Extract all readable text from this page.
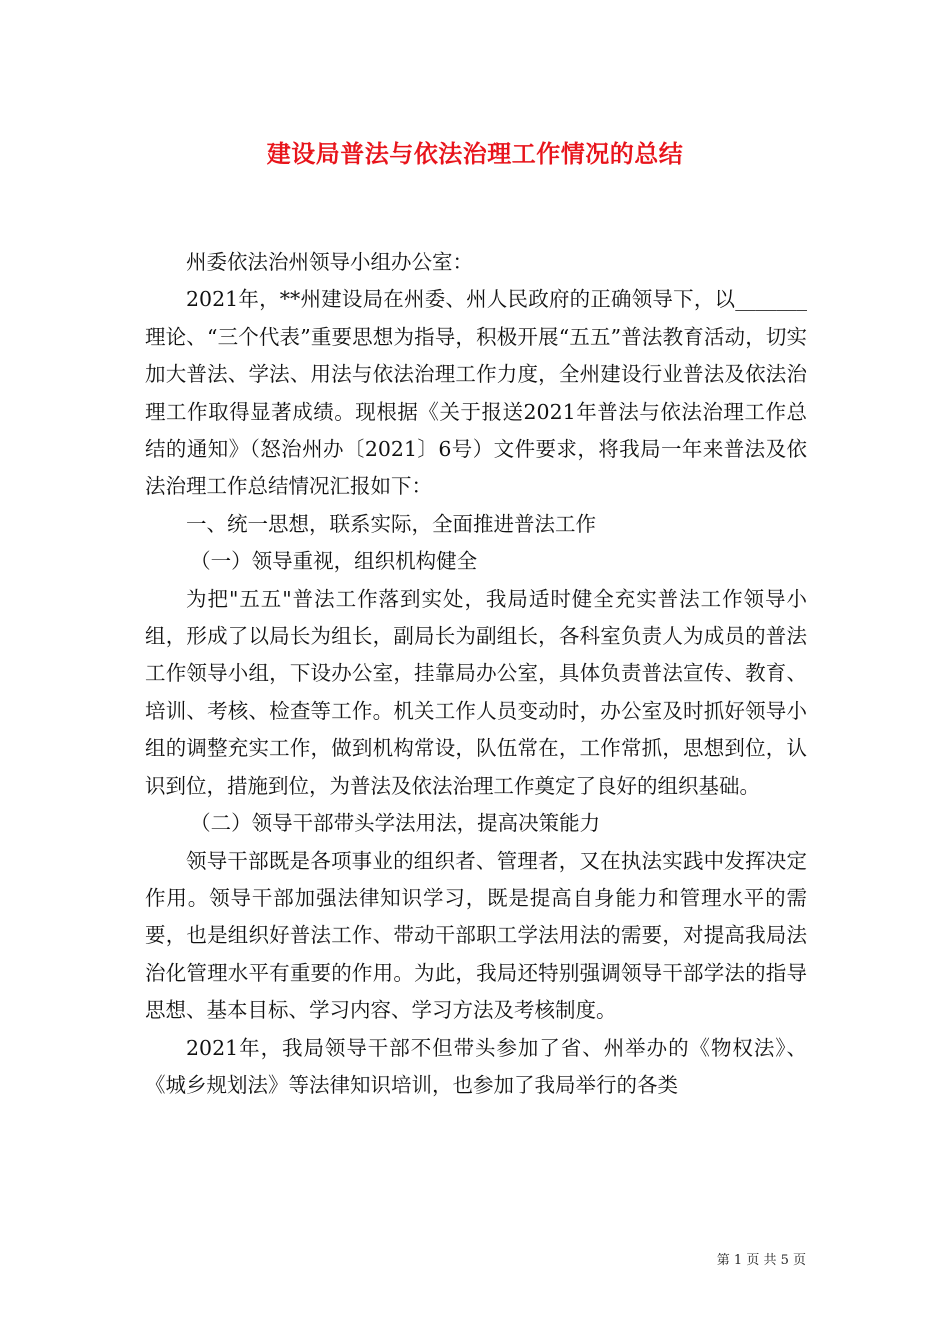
建设局普法与依法治理工作情况的总结

州委依法治州领导小组办公室：

2021年，**州建设局在州委、州人民政府的正确领导下，以_______理论、“三个代表”重要思想为指导，积极开展“五五”普法教育活动，切实加大普法、学法、用法与依法治理工作力度，全州建设行业普法及依法治理工作取得显著成绩。现根据《关于报送2021年普法与依法治理工作总结的通知》（怒治州办〔2021〕6号）文件要求，将我局一年来普法及依法治理工作总结情况汇报如下：

一、统一思想，联系实际，全面推进普法工作

（一）领导重视，组织机构健全

为把"五五"普法工作落到实处，我局适时健全充实普法工作领导小组，形成了以局长为组长，副局长为副组长，各科室负责人为成员的普法工作领导小组，下设办公室，挂靠局办公室，具体负责普法宣传、教育、培训、考核、检查等工作。机关工作人员变动时，办公室及时抓好领导小组的调整充实工作，做到机构常设，队伍常在，工作常抓，思想到位，认识到位，措施到位，为普法及依法治理工作奠定了良好的组织基础。

（二）领导干部带头学法用法，提高决策能力

领导干部既是各项事业的组织者、管理者，又在执法实践中发挥决定作用。领导干部加强法律知识学习，既是提高自身能力和管理水平的需要，也是组织好普法工作、带动干部职工学法用法的需要，对提高我局法治化管理水平有重要的作用。为此，我局还特别强调领导干部学法的指导思想、基本目标、学习内容、学习方法及考核制度。

2021年，我局领导干部不但带头参加了省、州举办的《物权法》、《城乡规划法》等法律知识培训，也参加了我局举行的各类

第 1 页 共 5 页
